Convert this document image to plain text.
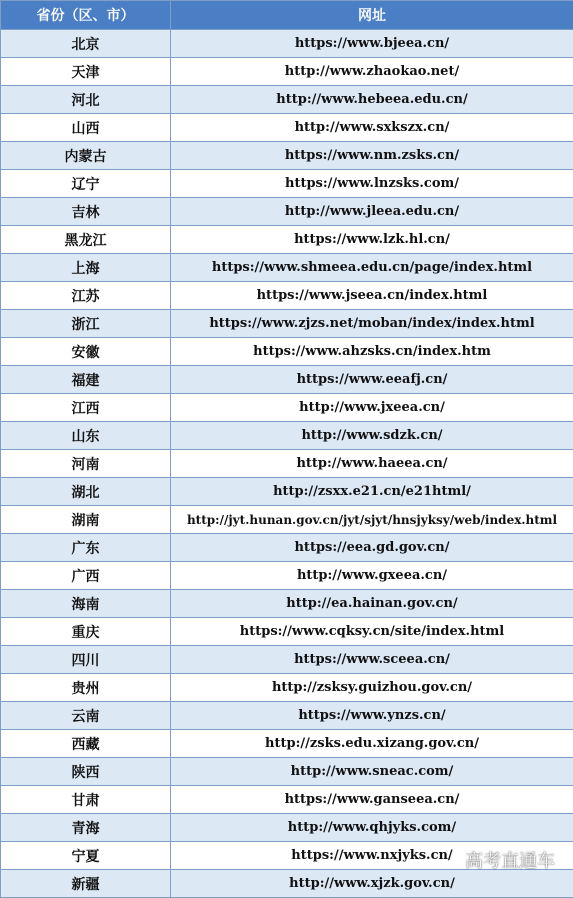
省份（区、市）	网址
北京	https://www.bjeea.cn/
天津	http://www.zhaokao.net/
河北	http://www.hebeea.edu.cn/
山西	http://www.sxkszx.cn/
内蒙古	https://www.nm.zsks.cn/
辽宁	https://www.lnzsks.com/
吉林	http://www.jleea.edu.cn/
黑龙江	https://www.lzk.hl.cn/
上海	https://www.shmeea.edu.cn/page/index.html
江苏	https://www.jseea.cn/index.html
浙江	https://www.zjzs.net/moban/index/index.html
安徽	https://www.ahzsks.cn/index.htm
福建	https://www.eeafj.cn/
江西	http://www.jxeea.cn/
山东	http://www.sdzk.cn/
河南	http://www.haeea.cn/
湖北	http://zsxx.e21.cn/e21html/
湖南	http://jyt.hunan.gov.cn/jyt/sjyt/hnsjyksy/web/index.html
广东	https://eea.gd.gov.cn/
广西	http://www.gxeea.cn/
海南	http://ea.hainan.gov.cn/
重庆	https://www.cqksy.cn/site/index.html
四川	https://www.sceea.cn/
贵州	http://zsksy.guizhou.gov.cn/
云南	https://www.ynzs.cn/
西藏	http://zsks.edu.xizang.gov.cn/
陕西	http://www.sneac.com/
甘肃	https://www.ganseea.cn/
青海	http://www.qhjyks.com/
宁夏	https://www.nxjyks.cn/
新疆	http://www.xjzk.gov.cn/
高考直通车
